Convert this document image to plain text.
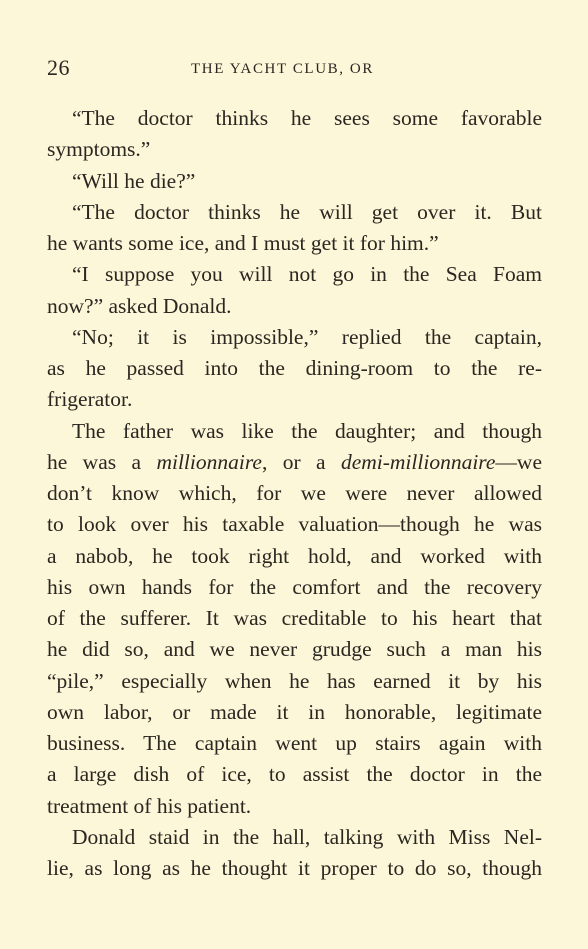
26	THE YACHT CLUB, OR
“The doctor thinks he sees some favorable
symptoms.”
“Will he die?”
“The doctor thinks he will get over it. But
he wants some ice, and I must get it for him.”
“I suppose you will not go in the Sea Foam
now?” asked Donald.
“No; it is impossible,” replied the captain,
as he passed into the dining-room to the re-
frigerator.
The father was like the daughter; and though
he was a millionnaire, or a demi-millionnaire—we
don’t know which, for we were never allowed
to look over his taxable valuation—though he was
a nabob, he took right hold, and worked with
his own hands for the comfort and the recovery
of the sufferer. It was creditable to his heart that
he did so, and we never grudge such a man his
“pile,” especially when he has earned it by his
own labor, or made it in honorable, legitimate
business. The captain went up stairs again with
a large dish of ice, to assist the doctor in the
treatment of his patient.
Donald staid in the hall, talking with Miss Nel-
lie, as long as he thought it proper to do so, though
